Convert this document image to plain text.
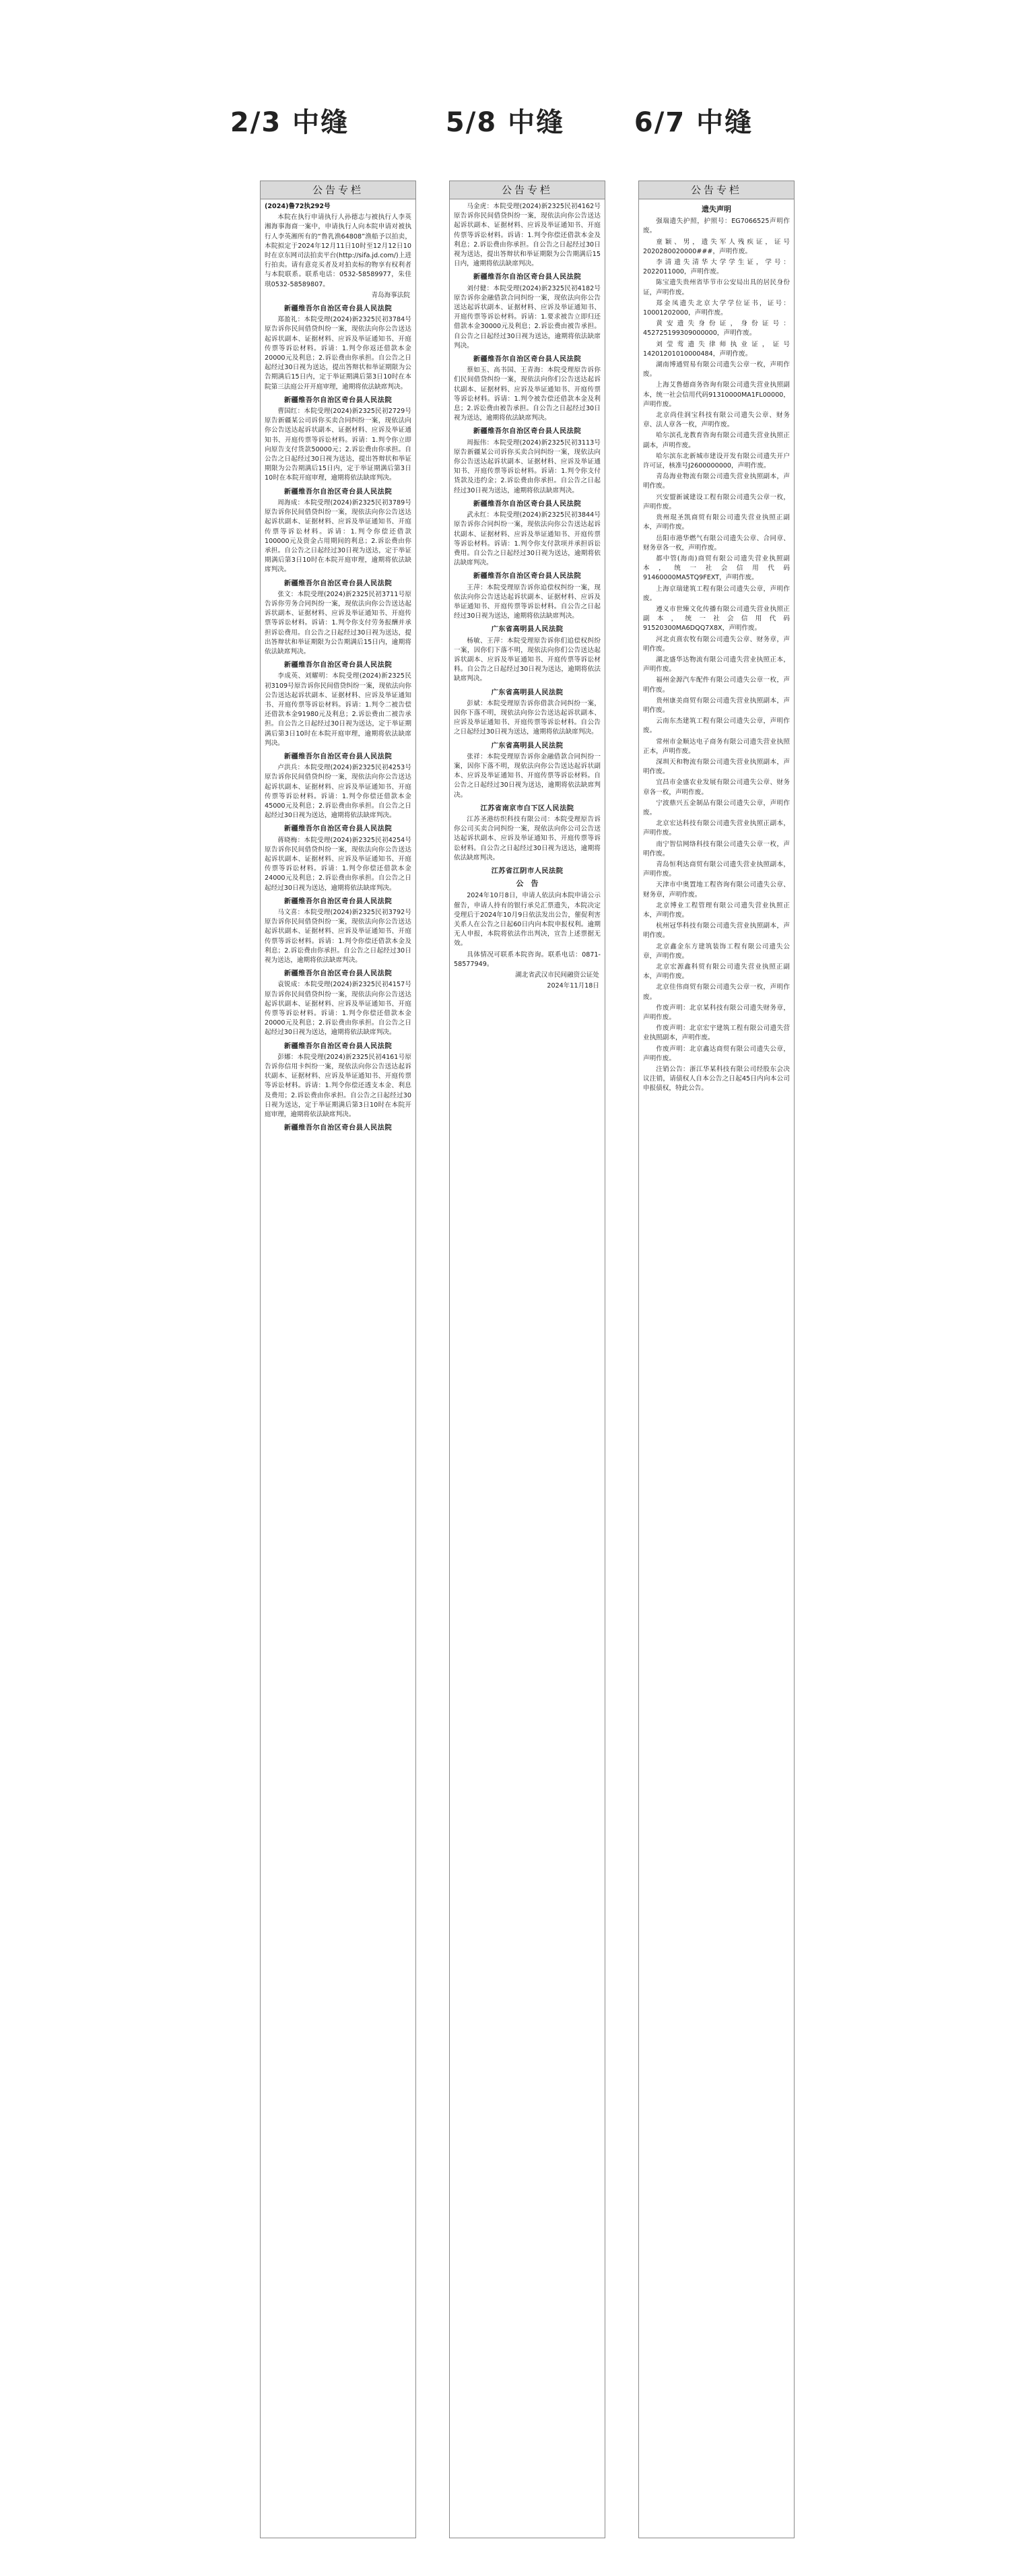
2/3 中缝	5/8 中缝	6/7 中缝
公告专栏
(2024)鲁72执292号

本院在执行申请执行人孙德志与被执行人李英湘海事海商一案中，申请执行人向本院申请对被执行人李英湘所有的“鲁乳渔64808”渔船予以拍卖，本院拟定于2024年12月11日10时至12月12日10时在京东网司法拍卖平台(http://sifa.jd.com/)上进行拍卖。请有意竞买者及对拍卖标的物享有权利者与本院联系。联系电话：0532-58589977，朱佳琪0532-58589807。

青岛海事法院
新疆维吾尔自治区奇台县人民法院

郑盈礼：本院受理(2024)新2325民初3784号原告诉你民间借贷纠纷一案，现依法向你公告送达起诉状副本、证据材料、应诉及举证通知书、开庭传票等诉讼材料。诉请：1.判令你返还借款本金20000元及利息；2.诉讼费由你承担。自公告之日起经过30日视为送达，提出答辩状和举证期限为公告期满后15日内，定于举证期满后第3日10时在本院第三法庭公开开庭审理，逾期将依法缺席判决。

新疆维吾尔自治区奇台县人民法院

曹国红：本院受理(2024)新2325民初2729号原告新疆某公司诉你买卖合同纠纷一案，现依法向你公告送达起诉状副本、证据材料、应诉及举证通知书、开庭传票等诉讼材料。诉请：1.判令你立即向原告支付货款50000元；2.诉讼费由你承担。自公告之日起经过30日视为送达，提出答辩状和举证期限为公告期满后15日内，定于举证期满后第3日10时在本院开庭审理，逾期将依法缺席判决。

新疆维吾尔自治区奇台县人民法院

周海成：本院受理(2024)新2325民初3789号原告诉你民间借贷纠纷一案，现依法向你公告送达起诉状副本、证据材料、应诉及举证通知书、开庭传票等诉讼材料。诉请：1.判令你偿还借款100000元及资金占用期间的利息；2.诉讼费由你承担。自公告之日起经过30日视为送达，定于举证期满后第3日10时在本院开庭审理，逾期将依法缺席判决。

新疆维吾尔自治区奇台县人民法院

张文：本院受理(2024)新2325民初3711号原告诉你劳务合同纠纷一案，现依法向你公告送达起诉状副本、证据材料、应诉及举证通知书、开庭传票等诉讼材料。诉请：1.判令你支付劳务报酬并承担诉讼费用。自公告之日起经过30日视为送达，提出答辩状和举证期限为公告期满后15日内，逾期将依法缺席判决。

新疆维吾尔自治区奇台县人民法院

李成英、刘耀明：本院受理(2024)新2325民初3109号原告诉你民间借贷纠纷一案，现依法向你公告送达起诉状副本、证据材料、应诉及举证通知书、开庭传票等诉讼材料。诉请：1.判令二被告偿还借款本金91980元及利息；2.诉讼费由二被告承担。自公告之日起经过30日视为送达，定于举证期满后第3日10时在本院开庭审理，逾期将依法缺席判决。

新疆维吾尔自治区奇台县人民法院

卢洪兵：本院受理(2024)新2325民初4253号原告诉你民间借贷纠纷一案，现依法向你公告送达起诉状副本、证据材料、应诉及举证通知书、开庭传票等诉讼材料。诉请：1.判令你偿还借款本金45000元及利息；2.诉讼费由你承担。自公告之日起经过30日视为送达，逾期将依法缺席判决。

新疆维吾尔自治区奇台县人民法院

蒋晓梅：本院受理(2024)新2325民初4254号原告诉你民间借贷纠纷一案，现依法向你公告送达起诉状副本、证据材料、应诉及举证通知书、开庭传票等诉讼材料。诉请：1.判令你偿还借款本金24000元及利息；2.诉讼费由你承担。自公告之日起经过30日视为送达，逾期将依法缺席判决。

新疆维吾尔自治区奇台县人民法院

马文喜：本院受理(2024)新2325民初3792号原告诉你民间借贷纠纷一案，现依法向你公告送达起诉状副本、证据材料、应诉及举证通知书、开庭传票等诉讼材料。诉请：1.判令你偿还借款本金及利息；2.诉讼费由你承担。自公告之日起经过30日视为送达，逾期将依法缺席判决。

新疆维吾尔自治区奇台县人民法院

袁锐成：本院受理(2024)新2325民初4157号原告诉你民间借贷纠纷一案，现依法向你公告送达起诉状副本、证据材料、应诉及举证通知书、开庭传票等诉讼材料。诉请：1.判令你偿还借款本金20000元及利息；2.诉讼费由你承担。自公告之日起经过30日视为送达，逾期将依法缺席判决。

新疆维吾尔自治区奇台县人民法院

彭娜：本院受理(2024)新2325民初4161号原告诉你信用卡纠纷一案，现依法向你公告送达起诉状副本、证据材料、应诉及举证通知书、开庭传票等诉讼材料。诉请：1.判令你偿还透支本金、利息及费用；2.诉讼费由你承担。自公告之日起经过30日视为送达，定于举证期满后第3日10时在本院开庭审理，逾期将依法缺席判决。

新疆维吾尔自治区奇台县人民法院
公告专栏

马金虎：本院受理(2024)新2325民初4162号原告诉你民间借贷纠纷一案，现依法向你公告送达起诉状副本、证据材料、应诉及举证通知书、开庭传票等诉讼材料。诉请：1.判令你偿还借款本金及利息；2.诉讼费由你承担。自公告之日起经过30日视为送达，提出答辩状和举证期限为公告期满后15日内，逾期将依法缺席判决。

新疆维吾尔自治区奇台县人民法院

刘付健：本院受理(2024)新2325民初4182号原告诉你金融借款合同纠纷一案，现依法向你公告送达起诉状副本、证据材料、应诉及举证通知书、开庭传票等诉讼材料。诉请：1.要求被告立即归还借款本金30000元及利息；2.诉讼费由被告承担。自公告之日起经过30日视为送达，逾期将依法缺席判决。

新疆维吾尔自治区奇台县人民法院

蔡如玉、高书国、王青海：本院受理原告诉你们民间借贷纠纷一案，现依法向你们公告送达起诉状副本、证据材料、应诉及举证通知书、开庭传票等诉讼材料。诉请：1.判令被告偿还借款本金及利息；2.诉讼费由被告承担。自公告之日起经过30日视为送达，逾期将依法缺席判决。

新疆维吾尔自治区奇台县人民法院

周振伟：本院受理(2024)新2325民初3113号原告新疆某公司诉你买卖合同纠纷一案，现依法向你公告送达起诉状副本、证据材料、应诉及举证通知书、开庭传票等诉讼材料。诉请：1.判令你支付货款及违约金；2.诉讼费由你承担。自公告之日起经过30日视为送达，逾期将依法缺席判决。

新疆维吾尔自治区奇台县人民法院

武永红：本院受理(2024)新2325民初3844号原告诉你合同纠纷一案，现依法向你公告送达起诉状副本、证据材料、应诉及举证通知书、开庭传票等诉讼材料。诉请：1.判令你支付款项并承担诉讼费用。自公告之日起经过30日视为送达，逾期将依法缺席判决。

新疆维吾尔自治区奇台县人民法院

王萍：本院受理原告诉你追偿权纠纷一案，现依法向你公告送达起诉状副本、证据材料、应诉及举证通知书、开庭传票等诉讼材料。自公告之日起经过30日视为送达，逾期将依法缺席判决。

广东省高明县人民法院

杨敏、王萍：本院受理原告诉你们追偿权纠纷一案，因你们下落不明，现依法向你们公告送达起诉状副本、应诉及举证通知书、开庭传票等诉讼材料。自公告之日起经过30日视为送达，逾期将依法缺席判决。

广东省高明县人民法院

彭斌：本院受理原告诉你借款合同纠纷一案，因你下落不明，现依法向你公告送达起诉状副本、应诉及举证通知书、开庭传票等诉讼材料。自公告之日起经过30日视为送达，逾期将依法缺席判决。

广东省高明县人民法院

张祥：本院受理原告诉你金融借款合同纠纷一案，因你下落不明，现依法向你公告送达起诉状副本、应诉及举证通知书、开庭传票等诉讼材料。自公告之日起经过30日视为送达，逾期将依法缺席判决。

江苏省南京市白下区人民法院

江苏圣港纺织科技有限公司：本院受理原告诉你公司买卖合同纠纷一案，现依法向你公司公告送达起诉状副本、应诉及举证通知书、开庭传票等诉讼材料。自公告之日起经过30日视为送达，逾期将依法缺席判决。

江苏省江阴市人民法院
公　告

2024年10月8日，申请人依法向本院申请公示催告，申请人持有的银行承兑汇票遗失，本院决定受理后于2024年10月9日依法发出公告，催促利害关系人在公告之日起60日内向本院申报权利。逾期无人申报，本院将依法作出判决，宣告上述票据无效。

具体情况可联系本院咨询。联系电话：0871-58577949。

湖北省武汉市民间融资公证处
2024年11月18日
公告专栏
遗失声明

强瑞遗失护照，护照号：EG7066525声明作废。

童颖、男，遗失军人残疾证，证号2020280020000###，声明作废。

李清遗失清华大学学生证，学号：2022011000，声明作废。

陈宝遗失贵州省毕节市公安局出具的居民身份证，声明作废。

郑金凤遗失北京大学学位证书，证号：10001202000，声明作废。

黄安遗失身份证，身份证号：452725199309000000，声明作废。

刘莹莺遗失律师执业证，证号14201201010000484，声明作废。

湖南博通贸易有限公司遗失公章一枚，声明作废。

上海艾鲁德商务咨询有限公司遗失营业执照副本，统一社会信用代码91310000MA1FL00000，声明作废。

北京尚佳润宝科技有限公司遗失公章、财务章、法人章各一枚，声明作废。

哈尔滨孔龙教育咨询有限公司遗失营业执照正副本，声明作废。

哈尔滨东北新城市建设开发有限公司遗失开户许可证，核准号J2600000000，声明作废。

青岛海业物流有限公司遗失营业执照副本，声明作废。

兴安盟新诚建设工程有限公司遗失公章一枚，声明作废。

贵州琨圣凯商贸有限公司遗失营业执照正副本，声明作废。

岳阳市港华燃气有限公司遗失公章、合同章、财务章各一枚，声明作废。

都中管(海南)商贸有限公司遗失营业执照副本，统一社会信用代码91460000MA5TQ9FEXT，声明作废。

上海京瑞建筑工程有限公司遗失公章，声明作废。

遵义市世臻文化传播有限公司遗失营业执照正副本，统一社会信用代码91520300MA6DQQ7X8X，声明作废。

河北贞熹农牧有限公司遗失公章、财务章，声明作废。

湖北盛华达物流有限公司遗失营业执照正本，声明作废。

福州金源汽车配件有限公司遗失公章一枚，声明作废。

贵州康美商贸有限公司遗失营业执照副本，声明作废。

云南东杰建筑工程有限公司遗失公章，声明作废。

常州市金顺达电子商务有限公司遗失营业执照正本，声明作废。

深圳天和物流有限公司遗失营业执照副本，声明作废。

宜昌市金盛农业发展有限公司遗失公章、财务章各一枚，声明作废。

宁波鼎兴五金制品有限公司遗失公章，声明作废。

北京宏达科技有限公司遗失营业执照正副本，声明作废。

南宁智信网络科技有限公司遗失公章一枚，声明作废。

青岛恒利达商贸有限公司遗失营业执照副本，声明作废。

天津市中奥置地工程咨询有限公司遗失公章、财务章，声明作废。

北京博业工程管理有限公司遗失营业执照正本，声明作废。

杭州冠华科技有限公司遗失营业执照副本，声明作废。

北京鑫金东方建筑装饰工程有限公司遗失公章，声明作废。

北京宏源鑫科贸有限公司遗失营业执照正副本，声明作废。

北京佳伟商贸有限公司遗失公章一枚，声明作废。

作废声明：北京某科技有限公司遗失财务章，声明作废。

作废声明：北京宏宇建筑工程有限公司遗失营业执照副本，声明作废。

作废声明：北京鑫达商贸有限公司遗失公章，声明作废。

注销公告：浙江华某科技有限公司经股东会决议注销，请债权人自本公告之日起45日内向本公司申报债权，特此公告。
